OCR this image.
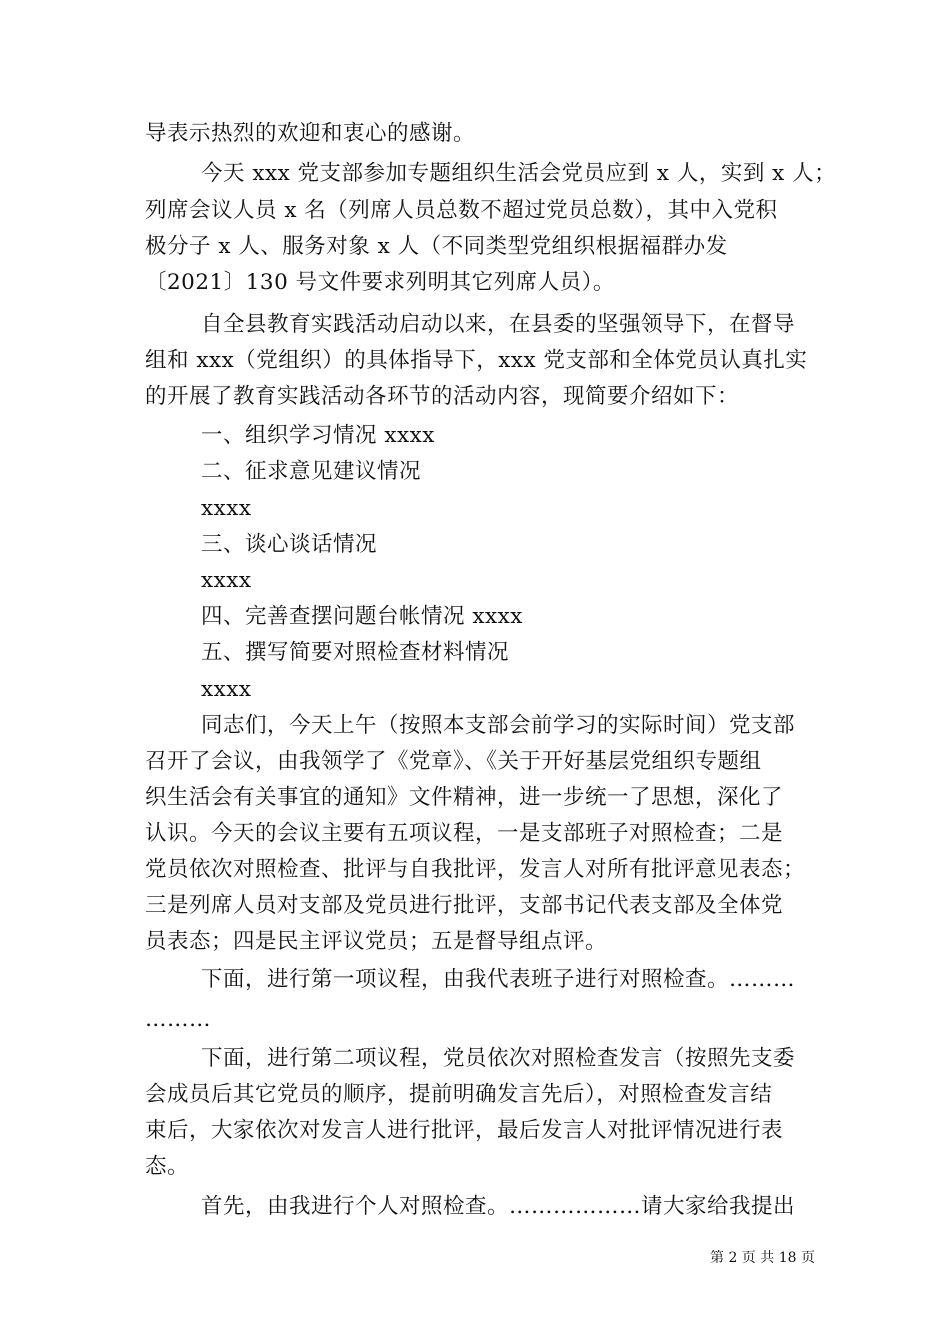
导表示热烈的欢迎和衷心的感谢。
今天 xxx 党支部参加专题组织生活会党员应到 x 人，实到 x 人；
列席会议人员 x 名（列席人员总数不超过党员总数），其中入党积
极分子 x 人、服务对象 x 人（不同类型党组织根据福群办发
〔2021〕130 号文件要求列明其它列席人员）。
自全县教育实践活动启动以来，在县委的坚强领导下，在督导
组和 xxx（党组织）的具体指导下，xxx 党支部和全体党员认真扎实
的开展了教育实践活动各环节的活动内容，现简要介绍如下：
一、组织学习情况 xxxx
二、征求意见建议情况
xxxx
三、谈心谈话情况
xxxx
四、完善查摆问题台帐情况 xxxx
五、撰写简要对照检查材料情况
xxxx
同志们，今天上午（按照本支部会前学习的实际时间）党支部
召开了会议，由我领学了《党章》、《关于开好基层党组织专题组
织生活会有关事宜的通知》文件精神，进一步统一了思想，深化了
认识。今天的会议主要有五项议程，一是支部班子对照检查；二是
党员依次对照检查、批评与自我批评，发言人对所有批评意见表态；
三是列席人员对支部及党员进行批评，支部书记代表支部及全体党
员表态；四是民主评议党员；五是督导组点评。
下面，进行第一项议程，由我代表班子进行对照检查。………
………
下面，进行第二项议程，党员依次对照检查发言（按照先支委
会成员后其它党员的顺序，提前明确发言先后），对照检查发言结
束后，大家依次对发言人进行批评，最后发言人对批评情况进行表
态。
首先，由我进行个人对照检查。………………请大家给我提出
第 2 页 共 18 页
